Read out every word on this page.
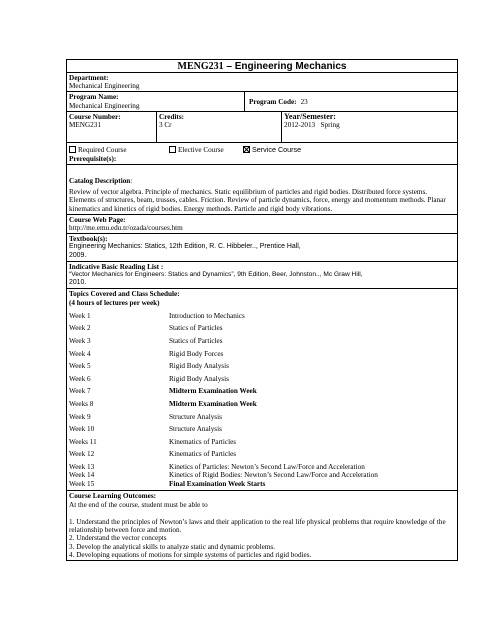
MENG231 – Engineering Mechanics
Department:
Mechanical Engineering
Program Name:
Mechanical Engineering
Program Code:
23
Course Number:
MENG231
Credits:
3 Cr
Year/Semester:
2012-2013 Spring
Required Course	Elective Course	Service Course
Prerequisite(s):
Catalog Description:
Review of vector algebra. Principle of mechanics. Static equilibrium of particles and rigid bodies. Distributed force systems. Elements of structures, beam, trusses, cables. Friction. Review of particle dynamics, force, energy and momentum methods. Planar kinematics and kinetics of rigid bodies. Energy methods. Particle and rigid body vibrations.
Course Web Page:
http://me.emu.edu.tr/ozada/courses.htm
Textbook(s):
Engineering Mechanics: Statics, 12th Edition, R. C. Hibbeler.., Prentice Hall,
2009.
Indicative Basic Reading List :
“Vector Mechanics for Engineers: Statics and Dynamics”, 9th Edition, Beer, Johnston.., Mc Graw Hill,
2010.
Topics Covered and Class Schedule:
(4 hours of lectures per week)
Week 1	Introduction to Mechanics
Week 2	Statics of Particles
Week 3	Statics of Particles
Week 4	Rigid Body Forces
Week 5	Rigid Body Analysis
Week 6	Rigid Body Analysis
Week 7	Midterm Examination Week
Weeks 8	Midterm Examination Week
Week 9	Structure Analysis
Week 10	Structure Analysis
Weeks 11	Kinematics of Particles
Week 12	Kinematics of Particles
Week 13	Kinetics of Particles: Newton’s Second Law/Force and Acceleration
Week 14	Kinetics of Rigid Bodies: Newton’s Second Law/Force and Acceleration
Week 15	Final Examination Week Starts
Course Learning Outcomes:
At the end of the course, student must be able to

1. Understand the principles of Newton’s laws and their application to the real life physical problems that require knowledge of the relationship between force and motion.

2. Understand the vector concepts

3. Develop the analytical skills to analyze static and dynamic problems.

4. Developing equations of motions for simple systems of particles and rigid bodies.
